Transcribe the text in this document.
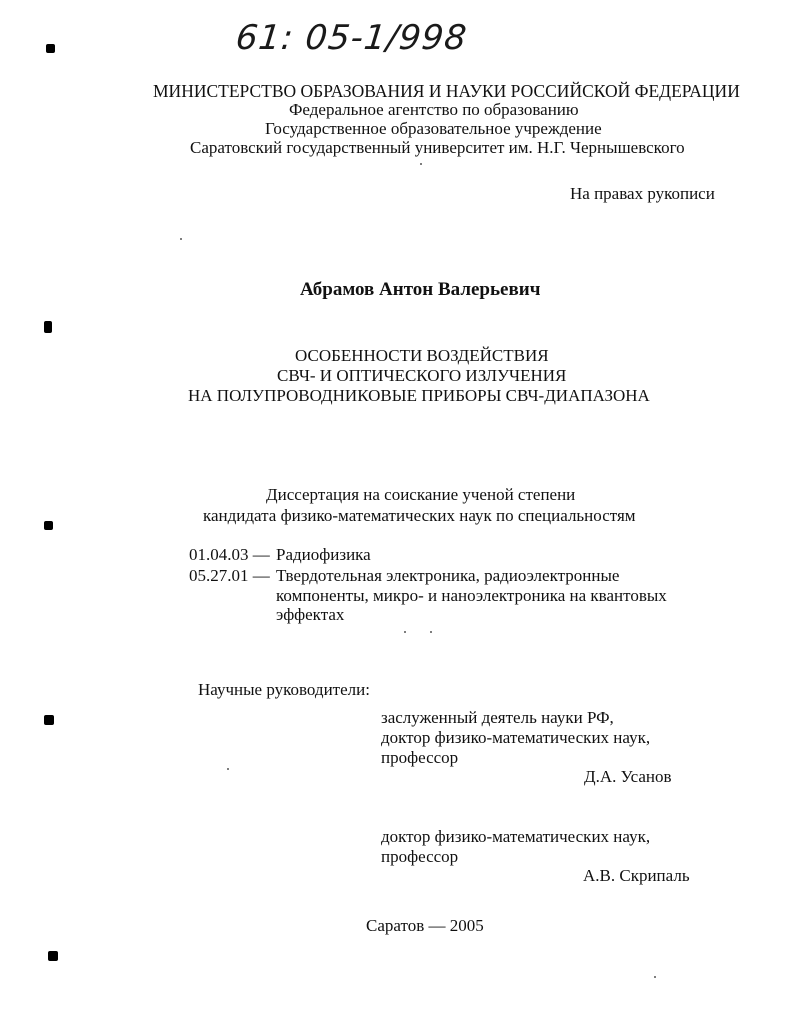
61: 05-1/998
МИНИСТЕРСТВО ОБРАЗОВАНИЯ И НАУКИ РОССИЙСКОЙ ФЕДЕРАЦИИ
Федеральное агентство по образованию
Государственное образовательное учреждение
Саратовский государственный университет им. Н.Г. Чернышевского
На правах рукописи
Абрамов Антон Валерьевич
ОСОБЕННОСТИ ВОЗДЕЙСТВИЯ
СВЧ- И ОПТИЧЕСКОГО ИЗЛУЧЕНИЯ
НА ПОЛУПРОВОДНИКОВЫЕ ПРИБОРЫ СВЧ-ДИАПАЗОНА
Диссертация на соискание ученой степени
кандидата физико-математических наук по специальностям
01.04.03 — Радиофизика
05.27.01 — Твердотельная электроника, радиоэлектронные
компоненты, микро- и наноэлектроника на квантовых
эффектах
Научные руководители:
заслуженный деятель науки РФ,
доктор физико-математических наук,
профессор
Д.А. Усанов
доктор физико-математических наук,
профессор
А.В. Скрипаль
Саратов — 2005
